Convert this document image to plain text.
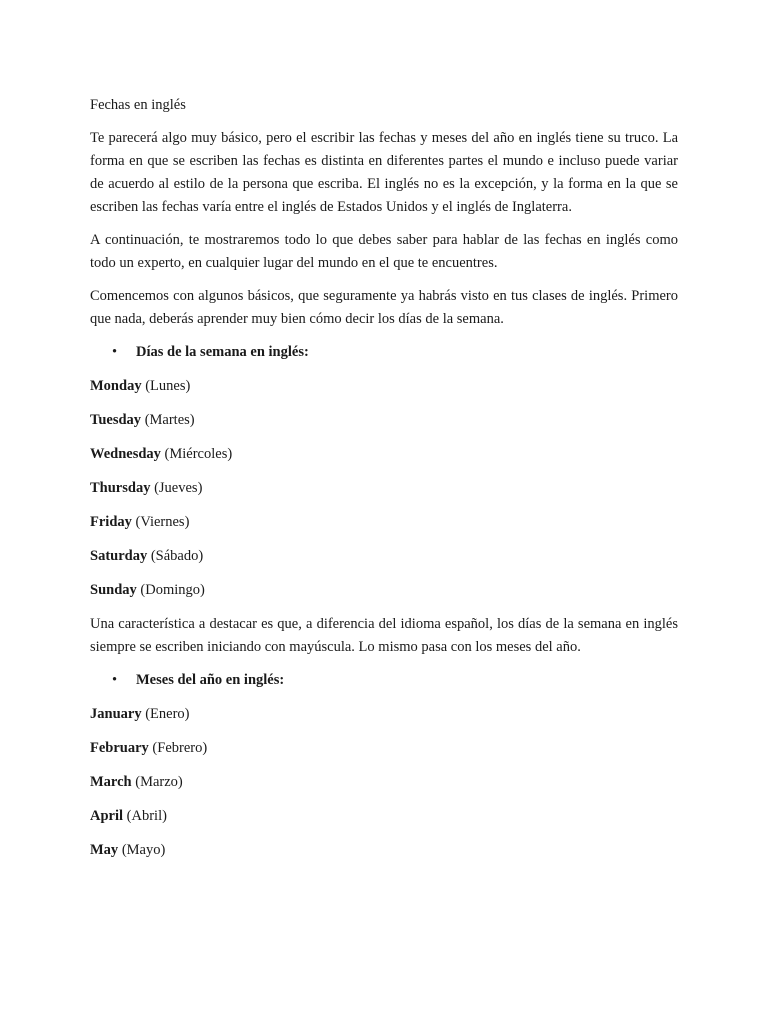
Fechas en inglés

Te parecerá algo muy básico, pero el escribir las fechas y meses del año en inglés tiene su truco. La forma en que se escriben las fechas es distinta en diferentes partes el mundo e incluso puede variar de acuerdo al estilo de la persona que escriba. El inglés no es la excepción, y la forma en la que se escriben las fechas varía entre el inglés de Estados Unidos y el inglés de Inglaterra.

A continuación, te mostraremos todo lo que debes saber para hablar de las fechas en inglés como todo un experto, en cualquier lugar del mundo en el que te encuentres.

Comencemos con algunos básicos, que seguramente ya habrás visto en tus clases de inglés. Primero que nada, deberás aprender muy bien cómo decir los días de la semana.

•	Días de la semana en inglés:
Monday (Lunes)
Tuesday (Martes)
Wednesday (Miércoles)
Thursday (Jueves)
Friday (Viernes)
Saturday (Sábado)
Sunday (Domingo)

Una característica a destacar es que, a diferencia del idioma español, los días de la semana en inglés siempre se escriben iniciando con mayúscula. Lo mismo pasa con los meses del año.

•	Meses del año en inglés:
January (Enero)
February (Febrero)
March (Marzo)
April (Abril)
May (Mayo)
